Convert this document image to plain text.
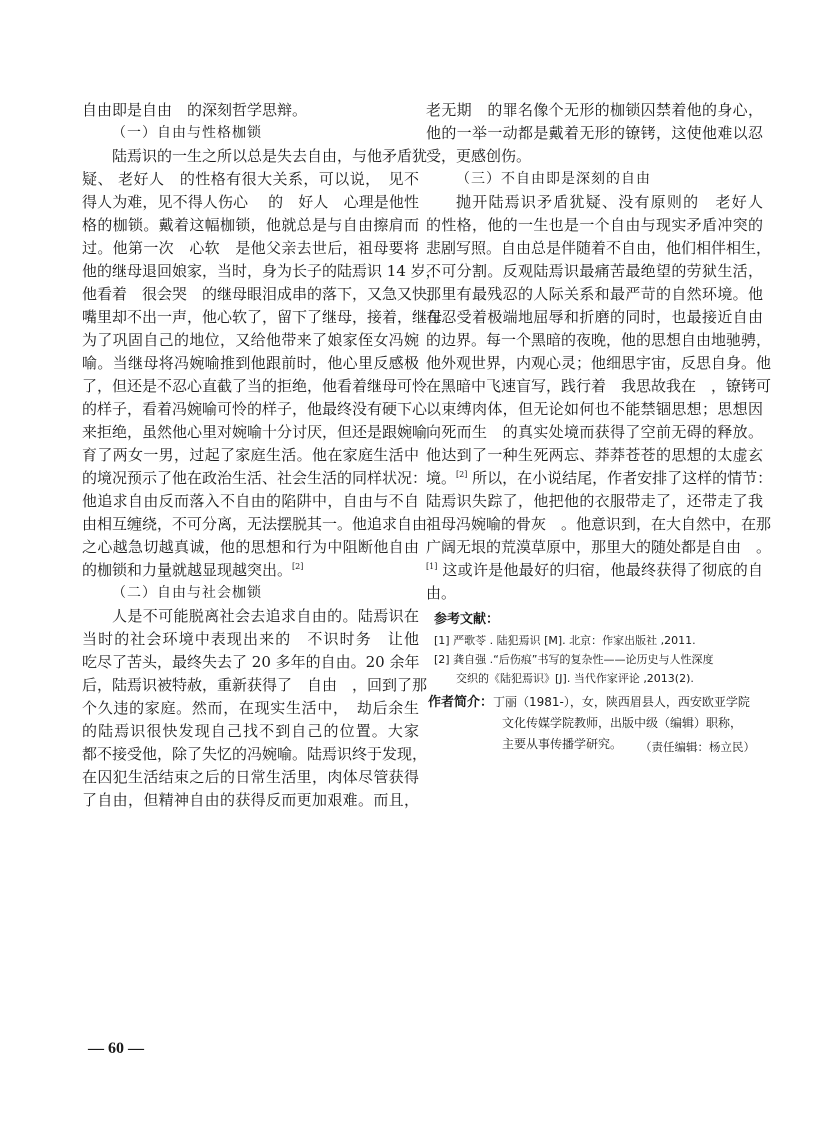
自由即是自由　的深刻哲学思辩。
（一）自由与性格枷锁
陆焉识的一生之所以总是失去自由，与他矛盾犹
疑、 老好人　的性格有很大关系，可以说，　见不
得人为难，见不得人伤心　 的　好人　心理是他性
格的枷锁。戴着这幅枷锁，他就总是与自由擦肩而
过。他第一次　心软　是他父亲去世后，祖母要将
他的继母退回娘家，当时，身为长子的陆焉识 14 岁，
他看着　很会哭　的继母眼泪成串的落下，又急又快，
嘴里却不出一声，他心软了，留下了继母，接着，继母
为了巩固自己的地位，又给他带来了娘家侄女冯婉
喻。当继母将冯婉喻推到他跟前时，他心里反感极
了，但还是不忍心直截了当的拒绝，他看着继母可怜
的样子，看着冯婉喻可怜的样子，他最终没有硬下心
来拒绝，虽然他心里对婉喻十分讨厌，但还是跟婉喻
育了两女一男，过起了家庭生活。他在家庭生活中
的境况预示了他在政治生活、社会生活的同样状况：
他追求自由反而落入不自由的陷阱中，自由与不自
由相互缠绕，不可分离，无法摆脱其一。他追求自由
之心越急切越真诚，他的思想和行为中阻断他自由
的枷锁和力量就越显现越突出。[2]
（二）自由与社会枷锁
人是不可能脱离社会去追求自由的。陆焉识在
当时的社会环境中表现出来的　不识时务　让他
吃尽了苦头，最终失去了 20 多年的自由。20 余年
后，陆焉识被特赦，重新获得了　自由　，回到了那
个久违的家庭。然而，在现实生活中，　劫后余生
的陆焉识很快发现自己找不到自己的位置。大家
都不接受他，除了失忆的冯婉喻。陆焉识终于发现，
在囚犯生活结束之后的日常生活里，肉体尽管获得
了自由，但精神自由的获得反而更加艰难。而且，
老无期　的罪名像个无形的枷锁囚禁着他的身心，
他的一举一动都是戴着无形的镣铐，这使他难以忍
受，更感创伤。
（三）不自由即是深刻的自由
抛开陆焉识矛盾犹疑、没有原则的　老好人
的性格，他的一生也是一个自由与现实矛盾冲突的
悲剧写照。自由总是伴随着不自由，他们相伴相生，
不可分割。反观陆焉识最痛苦最绝望的劳狱生活，
那里有最残忍的人际关系和最严苛的自然环境。他
在忍受着极端地屈辱和折磨的同时，也最接近自由
的边界。每一个黑暗的夜晚，他的思想自由地驰骋，
他外观世界，内观心灵；他细思宇宙，反思自身。他
在黑暗中飞速盲写，践行着　我思故我在　，镣铐可
以束缚肉体，但无论如何也不能禁锢思想；思想因
向死而生　的真实处境而获得了空前无碍的释放。
他达到了一种生死两忘、莽莽苍苍的思想的太虚玄
境。[2] 所以，在小说结尾，作者安排了这样的情节：
陆焉识失踪了，他把他的衣服带走了，还带走了我
祖母冯婉喻的骨灰　。他意识到，在大自然中，在那
广阔无垠的荒漠草原中，那里大的随处都是自由　。
[1] 这或许是他最好的归宿，他最终获得了彻底的自
由。
参考文献：
[1] 严歌苓 . 陆犯焉识 [M]. 北京：作家出版社 ,2011.
[2] 龚自强 .“后伤痕”书写的复杂性——论历史与人性深度
交织的《陆犯焉识》[J]. 当代作家评论 ,2013(2).
作者简介：丁丽（1981-），女，陕西眉县人，西安欧亚学院
文化传媒学院教师，出版中级（编辑）职称，
主要从事传播学研究。	（责任编辑：杨立民）
— 60 —
